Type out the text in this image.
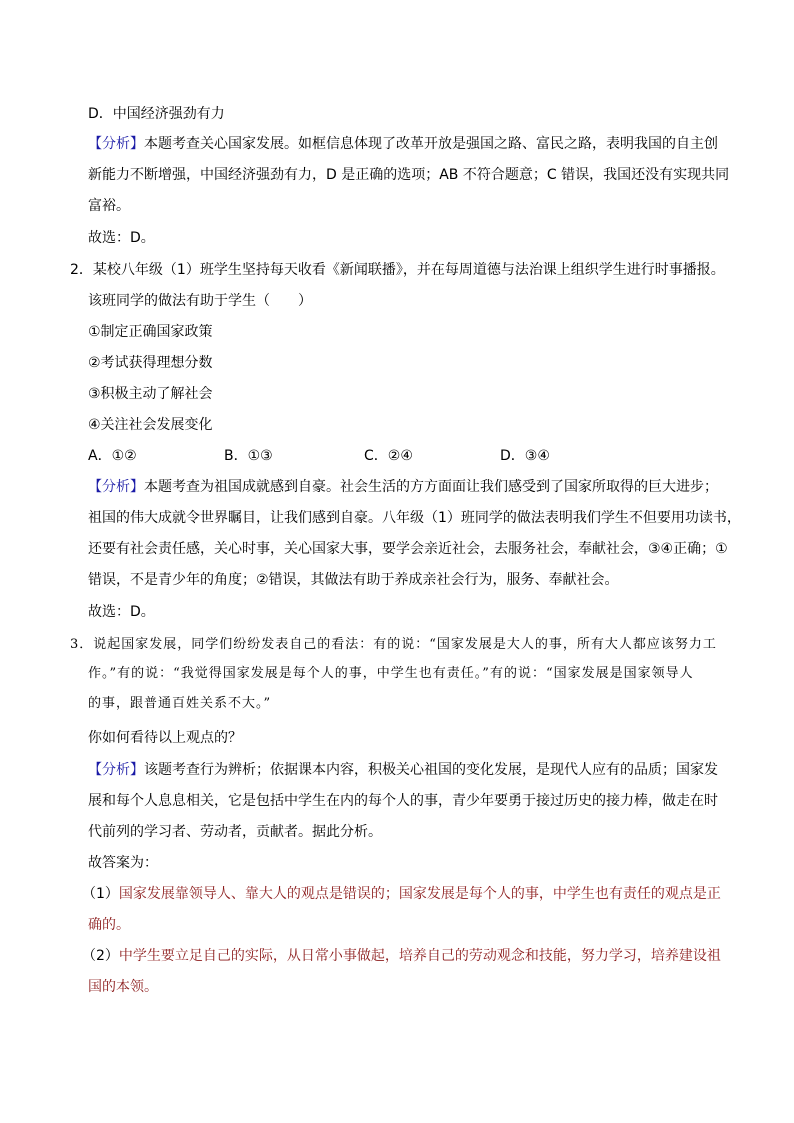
D．中国经济强劲有力
【分析】本题考查关心国家发展。如框信息体现了改革开放是强国之路、富民之路，表明我国的自主创
新能力不断增强，中国经济强劲有力，D 是正确的选项；AB 不符合题意；C 错误，我国还没有实现共同
富裕。
故选：D。
2．某校八年级（1）班学生坚持每天收看《新闻联播》，并在每周道德与法治课上组织学生进行时事播报。
该班同学的做法有助于学生（　　）
①制定正确国家政策
②考试获得理想分数
③积极主动了解社会
④关注社会发展变化
A．①②	B．①③	C．②④	D．③④
【分析】本题考查为祖国成就感到自豪。社会生活的方方面面让我们感受到了国家所取得的巨大进步；
祖国的伟大成就令世界瞩目，让我们感到自豪。八年级（1）班同学的做法表明我们学生不但要用功读书，
还要有社会责任感，关心时事，关心国家大事，要学会亲近社会，去服务社会，奉献社会，③④正确；①
错误，不是青少年的角度；②错误，其做法有助于养成亲社会行为，服务、奉献社会。
故选：D。
3．说起国家发展，同学们纷纷发表自己的看法：有的说：“国家发展是大人的事，所有大人都应该努力工
作。”有的说：“我觉得国家发展是每个人的事，中学生也有责任。”有的说：“国家发展是国家领导人
的事，跟普通百姓关系不大。”
你如何看待以上观点的？
【分析】该题考查行为辨析；依据课本内容，积极关心祖国的变化发展，是现代人应有的品质；国家发
展和每个人息息相关，它是包括中学生在内的每个人的事，青少年要勇于接过历史的接力棒，做走在时
代前列的学习者、劳动者，贡献者。据此分析。
故答案为：
（1）国家发展靠领导人、靠大人的观点是错误的；国家发展是每个人的事，中学生也有责任的观点是正
确的。
（2）中学生要立足自己的实际，从日常小事做起，培养自己的劳动观念和技能，努力学习，培养建设祖
国的本领。
